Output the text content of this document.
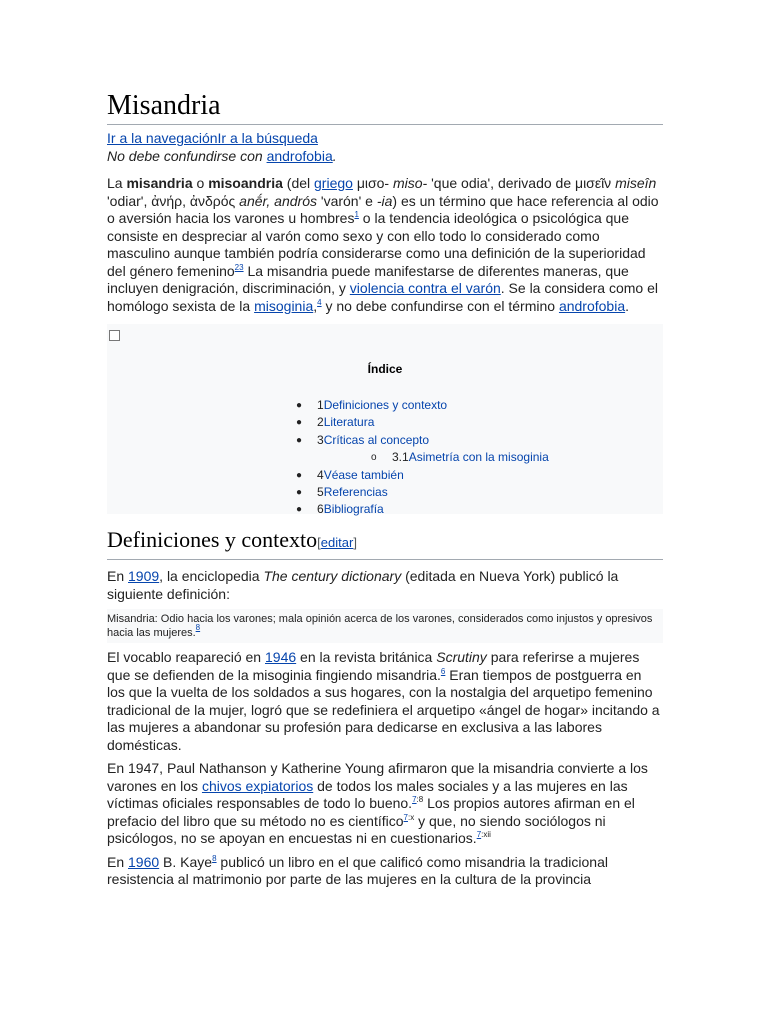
Misandria
Ir a la navegaciónIr a la búsqueda
No debe confundirse con androfobia.

La misandria o misoandria (del griego μισο- miso- 'que odia', derivado de μισεῖν miseîn 'odiar', ἀνήρ, ἀνδρός anḗr, andrós 'varón' e -ia) es un término que hace referencia al odio o aversión hacia los varones u hombres$^1$ o la tendencia ideológica o psicológica que consiste en despreciar al varón como sexo y con ello todo lo considerado como masculino aunque también podría considerarse como una definición de la superioridad del género femenino$^{23}$ La misandria puede manifestarse de diferentes maneras, que incluyen denigración, discriminación, y violencia contra el varón. Se la considera como el homólogo sexista de la misoginia,$^4$ y no debe confundirse con el término androfobia.

Índice
● 1Definiciones y contexto
● 2Literatura
● 3Críticas al concepto
o 3.1Asimetría con la misoginia
● 4Véase también
● 5Referencias
● 6Bibliografía
Definiciones y contexto[editar]

En 1909, la enciclopedia The century dictionary (editada en Nueva York) publicó la siguiente definición:

Misandria: Odio hacia los varones; mala opinión acerca de los varones, considerados como injustos y opresivos hacia las mujeres.$^8$

El vocablo reapareció en 1946 en la revista británica Scrutiny para referirse a mujeres que se defienden de la misoginia fingiendo misandria.$^6$ Eran tiempos de postguerra en los que la vuelta de los soldados a sus hogares, con la nostalgia del arquetipo femenino tradicional de la mujer, logró que se redefiniera el arquetipo «ángel de hogar» incitando a las mujeres a abandonar su profesión para dedicarse en exclusiva a las labores domésticas.

En 1947, Paul Nathanson y Katherine Young afirmaron que la misandria convierte a los varones en los chivos expiatorios de todos los males sociales y a las mujeres en las víctimas oficiales responsables de todo lo bueno.$^{7:8}$ Los propios autores afirman en el prefacio del libro que su método no es científico$^{7:x}$ y que, no siendo sociólogos ni psicólogos, no se apoyan en encuestas ni en cuestionarios.$^{7:xii}$

En 1960 B. Kaye$^8$ publicó un libro en el que calificó como misandria la tradicional resistencia al matrimonio por parte de las mujeres en la cultura de la provincia
